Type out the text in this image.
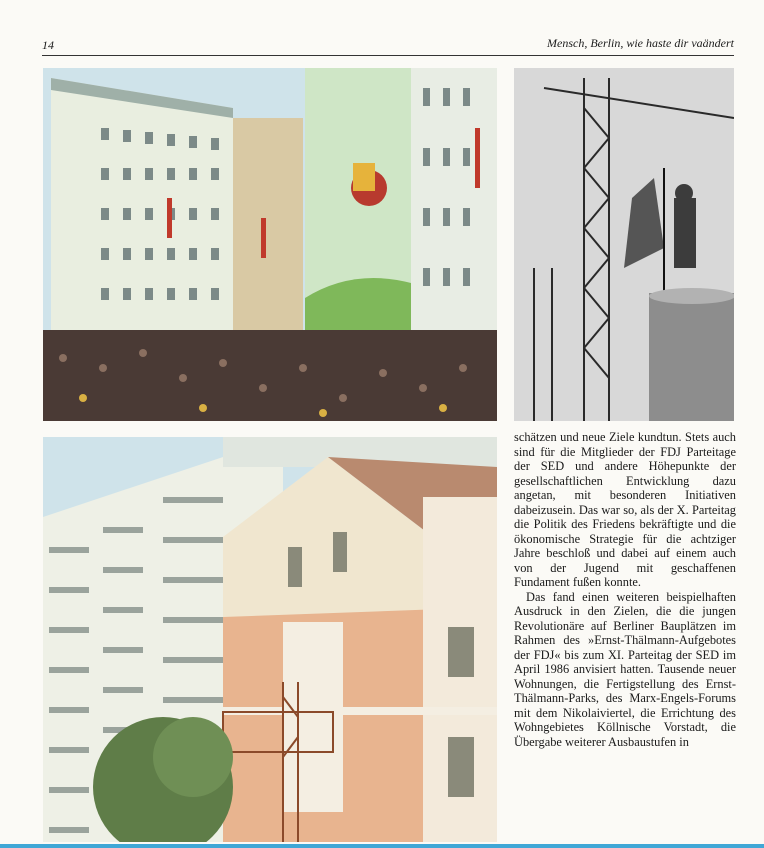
14	Mensch, Berlin, wie haste dir vaändert

schätzen und neue Ziele kundtun. Stets auch sind für die Mitglieder der FDJ Parteitage der SED und andere Höhepunkte der gesellschaftlichen Entwicklung dazu angetan, mit besonderen Initiativen dabeizusein. Das war so, als der X. Parteitag die Politik des Friedens bekräftigte und die ökonomische Strategie für die achtziger Jahre beschloß und dabei auf einem auch von der Jugend mit geschaffenen Fundament fußen konnte.

Das fand einen weiteren beispielhaften Ausdruck in den Zielen, die die jungen Revolutionäre auf Berliner Bauplätzen im Rahmen des »Ernst-Thälmann-Aufgebotes der FDJ« bis zum XI. Parteitag der SED im April 1986 anvisiert hatten. Tausende neuer Wohnungen, die Fertigstellung des Ernst-Thälmann-Parks, des Marx-Engels-Forums mit dem Nikolaiviertel, die Errichtung des Wohngebietes Köllnische Vorstadt, die Übergabe weiterer Ausbaustufen in
